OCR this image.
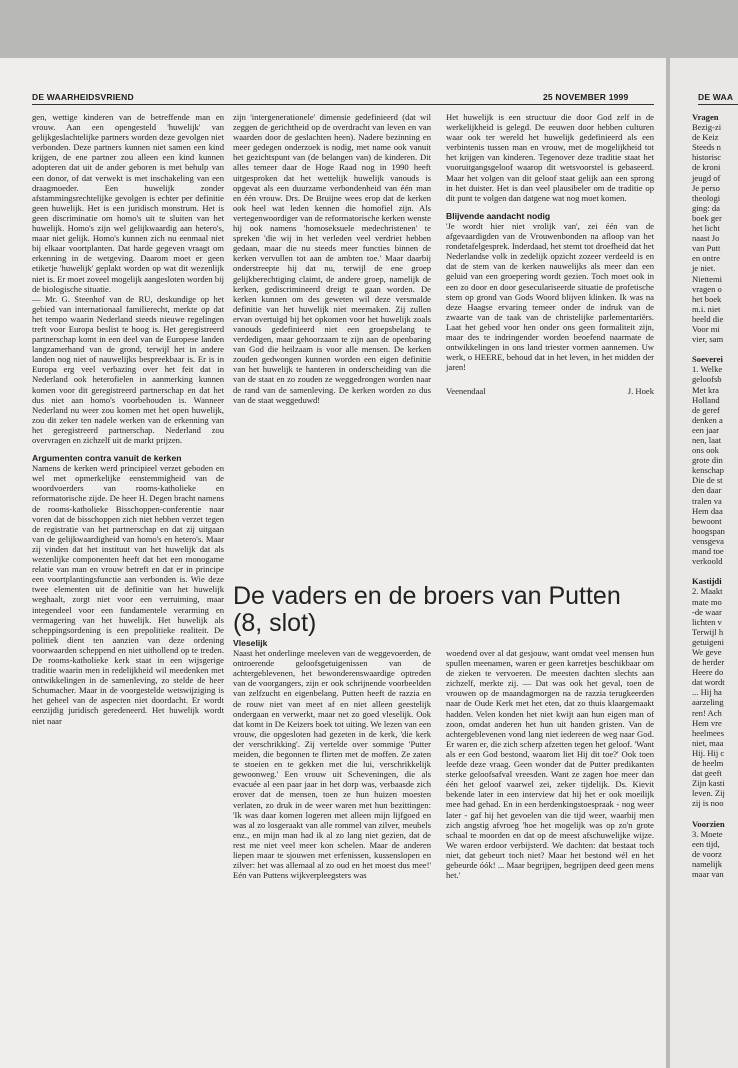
DE WAARHEIDSVRIEND	25 NOVEMBER 1999	DE WAA

gen, wettige kinderen van de betreffende man en vrouw. Aan een opengesteld 'huwelijk' van gelijkgeslachtelijke partners worden deze gevolgen niet verbonden. Deze partners kunnen niet samen een kind krijgen, de ene partner zou alleen een kind kunnen adopteren dat uit de ander geboren is met behulp van een donor, of dat verwekt is met inschakeling van een draagmoeder. Een huwelijk zonder afstammingsrechtelijke gevolgen is echter per definitie geen huwelijk. Het is een juridisch monstrum. Het is geen discriminatie om homo's uit te sluiten van het huwelijk. Homo's zijn wel gelijkwaardig aan hetero's, maar niet gelijk. Homo's kunnen zich nu eenmaal niet bij elkaar voortplanten. Dat harde gegeven vraagt om erkenning in de wetgeving. Daarom moet er geen etiketje 'huwelijk' geplakt worden op wat dit wezenlijk niet is. Er moet zoveel mogelijk aangesloten worden bij de biologische situatie.

— Mr. G. Steenhof van de RU, deskundige op het gebied van internationaal familierecht, merkte op dat het tempo waarin Nederland steeds nieuwe regelingen treft voor Europa beslist te hoog is. Het geregistreerd partnerschap komt in een deel van de Europese landen langzamerhand van de grond, terwijl het in andere landen nog niet of nauwelijks bespreekbaar is. Er is in Europa erg veel verbazing over het feit dat in Nederland ook heterofielen in aanmerking kunnen komen voor dit geregistreerd partnerschap en dat het dus niet aan homo's voorbehouden is. Wanneer Nederland nu weer zou komen met het open huwelijk, zou dit zeker ten nadele werken van de erkenning van het geregistreerd partnerschap. Nederland zou overvragen en zichzelf uit de markt prijzen.

Argumenten contra vanuit de kerken

Namens de kerken werd principieel verzet geboden en wel met opmerkelijke eenstemmigheid van de woordvoerders van rooms-katholieke en reformatorische zijde. De heer H. Degen bracht namens de rooms-katholieke Bisschoppen-conferentie naar voren dat de bisschoppen zich niet hebben verzet tegen de registratie van het partnerschap en dat zij uitgaan van de gelijkwaardigheid van homo's en hetero's. Maar zij vinden dat het instituut van het huwelijk dat als wezenlijke componenten heeft dat het een monogame relatie van man en vrouw betreft en dat er in principe een voortplantingsfunctie aan verbonden is. Wie deze twee elementen uit de definitie van het huwelijk weghaalt, zorgt niet voor een verruiming, maar integendeel voor een fundamentele verarming en vermagering van het huwelijk. Het huwelijk als scheppingsordening is een prepolitieke realiteit. De politiek dient ten aanzien van deze ordening voorwaarden scheppend en niet uithollend op te treden. De rooms-katholieke kerk staat in een wijsgerige traditie waarin men in redelijkheid wil meedenken met ontwikkelingen in de samenleving, zo stelde de heer Schumacher. Maar in de voorgestelde wetswijziging is het geheel van de aspecten niet doordacht. Er wordt eenzijdig juridisch geredeneerd. Het huwelijk wordt niet naar

zijn 'intergenerationele' dimensie gedefinieerd (dat wil zeggen de gerichtheid op de overdracht van leven en van waarden door de geslachten heen). Nadere bezinning en meer gedegen onderzoek is nodig, met name ook vanuit het gezichtspunt van (de belangen van) de kinderen. Dit alles temeer daar de Hoge Raad nog in 1990 heeft uitgesproken dat het wettelijk huwelijk vanouds is opgevat als een duurzame verbondenheid van één man en één vrouw. Drs. De Bruijne wees erop dat de kerken ook heel wat leden kennen die homofiel zijn. Als vertegenwoordiger van de reformatorische kerken wenste hij ook namens 'homoseksuele medechristenen' te spreken 'die wij in het verleden veel verdriet hebben gedaan, maar die nu steeds meer functies binnen de kerken vervullen tot aan de ambten toe.' Maar daarbij onderstreepte hij dat nu, terwijl de ene groep gelijkberechtiging claimt, de andere groep, namelijk de kerken, gediscrimineerd dreigt te gaan worden. De kerken kunnen om des geweten wil deze versmalde definitie van het huwelijk niet meemaken. Zij zullen ervan overtuigd bij het opkomen voor het huwelijk zoals vanouds gedefinieerd niet een groepsbelang te verdedigen, maar gehoorzaam te zijn aan de openbaring van God die heilzaam is voor alle mensen. De kerken zouden gedwongen kunnen worden een eigen definitie van het huwelijk te hanteren in onderscheiding van die van de staat en zo zouden ze weggedrongen worden naar de rand van de samenleving. De kerken worden zo dus van de staat weggeduwd!

Het huwelijk is een structuur die door God zelf in de werkelijkheid is gelegd. De eeuwen door hebben culturen waar ook ter wereld het huwelijk gedefinieerd als een verbintenis tussen man en vrouw, met de mogelijkheid tot het krijgen van kinderen. Tegenover deze traditie staat het vooruitgangsgeloof waarop dit wetsvoorstel is gebaseerd. Maar het volgen van dit geloof staat gelijk aan een sprong in het duister. Het is dan veel plausibeler om de traditie op dit punt te volgen dan datgene wat nog moet komen.

Blijvende aandacht nodig

'Je wordt hier niet vrolijk van', zei één van de afgevaardigden van de Vrouwenbonden na afloop van het rondetafelgesprek. Inderdaad, het stemt tot droefheid dat het Nederlandse volk in zedelijk opzicht zozeer verdeeld is en dat de stem van de kerken nauwelijks als meer dan een geluid van een groepering wordt gezien. Toch moet ook in een zo door en door geseculariseerde situatie de profetische stem op grond van Gods Woord blijven klinken. Ik was na deze Haagse ervaring temeer onder de indruk van de zwaarte van de taak van de christelijke parlementariërs. Laat het gebed voor hen onder ons geen formaliteit zijn, maar des te indringender worden beoefend naarmate de ontwikkelingen in ons land triester vormen aannemen. Uw werk, o HEERE, behoud dat in het leven, in het midden der jaren!

Veenendaal	J. Hoek

De vaders en de broers van Putten (8, slot)

Vleselijk

Naast het onderlinge meeleven van de weggevoerden, de ontroerende geloofsgetuigenissen van de achtergeblevenen, het bewonderenswaardige optreden van de voorgangers, zijn er ook schrijnende voorbeelden van zelfzucht en eigenbelang. Putten heeft de razzia en de rouw niet van meet af en niet alleen geestelijk ondergaan en verwerkt, maar net zo goed vleselijk. Ook dat komt in De Keizers boek tot uiting. We lezen van een vrouw, die opgesloten had gezeten in de kerk, 'die kerk der verschrikking'. Zij vertelde over sommige 'Putter meiden, die begonnen te flirten met de moffen. Ze zaten te stoeien en te gekken met die lui, verschrikkelijk gewoonweg.' Een vrouw uit Scheveningen, die als evacuée al een paar jaar in het dorp was, verbaasde zich erover dat de mensen, toen ze hun huizen moesten verlaten, zo druk in de weer waren met hun bezittingen: 'Ik was daar komen logeren met alleen mijn lijfgoed en was al zo losgeraakt van alle rommel van zilver, meubels enz., en mijn man had ik al zo lang niet gezien, dat de rest me niet veel meer kon schelen. Maar de anderen liepen maar te sjouwen met erfenissen, kussenslopen en zilver: het was allemaal al zo oud en het moest dus mee!' Eén van Puttens wijkverpleegsters was

woedend over al dat gesjouw, want omdat veel mensen hun spullen meenamen, waren er geen karretjes beschikbaar om de zieken te vervoeren. De meesten dachten slechts aan zichzelf, merkte zij. — Dat was ook het geval, toen de vrouwen op de maandagmorgen na de razzia terugkeerden naar de Oude Kerk met het eten, dat zo thuis klaargemaakt hadden. Velen konden het niet kwijt aan hun eigen man of zoon, omdat anderen het hun uit handen gristen. Van de achtergeblevenen vond lang niet iedereen de weg naar God. Er waren er, die zich scherp afzetten tegen het geloof. 'Want als er een God bestond, waarom liet Hij dit toe?' Ook toen leefde deze vraag. Geen wonder dat de Putter predikanten sterke geloofsafval vreesden. Want ze zagen hoe meer dan één het geloof vaarwel zei, zeker tijdelijk. Ds. Kievit bekende later in een interview dat hij het er ook moeilijk mee had gehad. En in een herdenkingstoespraak - nog weer later - gaf hij het gevoelen van die tijd weer, waarbij men zich angstig afvroeg 'hoe het mogelijk was op zo'n grote schaal te moorden en dat op de meest afschuwelijke wijze. We waren erdoor verbijsterd. We dachten: dat bestaat toch niet, dat gebeurt toch niet? Maar het bestond wél en het gebeurde óók! ... Maar begrijpen, begrijpen deed geen mens het.'

Vragen
Bezig-zi
de Keiz
Steeds n
historisc
de kroni
jeugd of
Je perso
theologi
ging: da
boek ger
het licht
naast Jo
van Putt
en ontre
je niet.
Niettemi
vragen o
het boek
m.i. niet
beeld die
Voor mi
vier, sam

Soeverei
1. Welke
geloofsb
Met kra
Holland
de geref
denken a
een jaar
nen, laat
ons ook
grote din
kenschap
Die de st
den daar
tralen va
Hem daa
bewoont
hoogspan
vensgeva
mand toe
verkoold

Kastijdi
2. Maakt
mate mo
-de waar
lichten v
Terwijl h
getuigeni
We geve
de herder
Heere do
dat wordt
... Hij ha
aarzeling
ren! Ach
Hem vre
heelmees
niet, maa
Hij. Hij c
de heelm
dat geeft
Zijn kasti
leven. Zij
zij is noo

Voorzien
3. Moete
een tijd,
de voorz
namelijk
maar van
